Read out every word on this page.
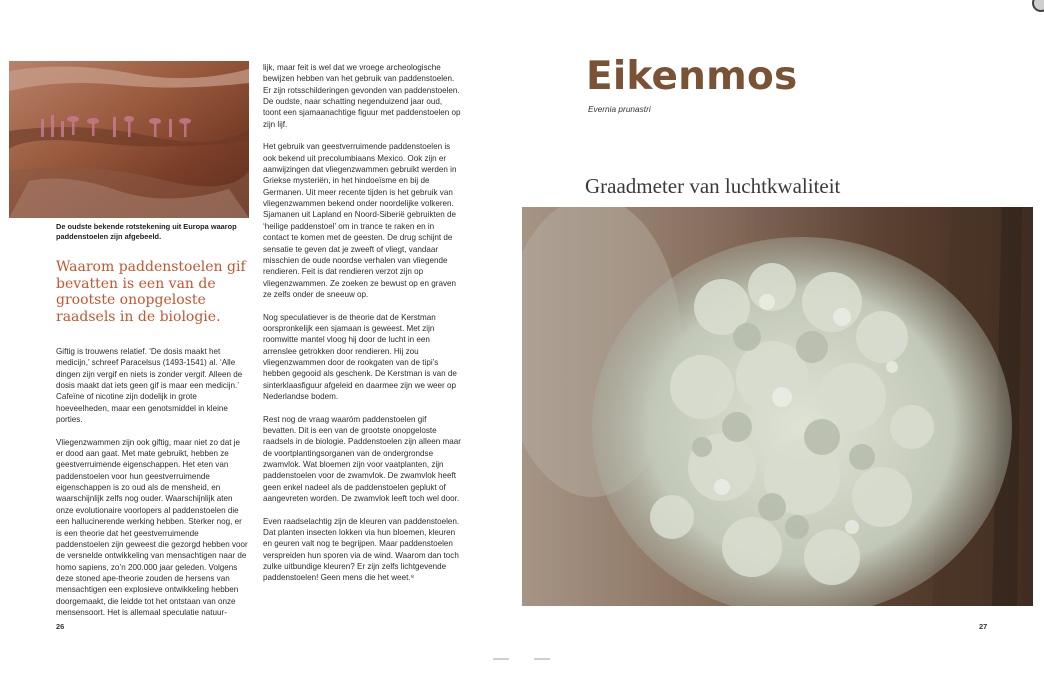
De oudste bekende rotstekening uit Europa waarop paddenstoelen zijn afgebeeld.
Waarom paddenstoelen gif bevatten is een van de grootste onopgeloste raadsels in de biologie.

Giftig is trouwens relatief. ‘De dosis maakt het medicijn,’ schreef Paracelsus (1493-1541) al. ‘Alle dingen zijn vergif en niets is zonder vergif. Alleen de dosis maakt dat iets geen gif is maar een medicijn.’ Cafeïne of nicotine zijn dodelijk in grote hoeveelheden, maar een genotsmiddel in kleine porties.

Vliegenzwammen zijn ook giftig, maar niet zo dat je er dood aan gaat. Met mate gebruikt, hebben ze geestverruimende eigenschappen. Het eten van paddenstoelen voor hun geestverruimende eigenschappen is zo oud als de mensheid, en waarschijnlijk zelfs nog ouder. Waarschijnlijk aten onze evolutionaire voorlopers al paddenstoelen die een hallucinerende werking hebben. Sterker nog, er is een theorie dat het geestverruimende paddenstoelen zijn geweest die gezorgd hebben voor de versnelde ontwikkeling van mensachtigen naar de homo sapiens, zo’n 200.000 jaar geleden. Volgens deze stoned ape-theorie zouden de hersens van mensachtigen een explosieve ontwikkeling hebben doorgemaakt, die leidde tot het ontstaan van onze mensensoort. Het is allemaal speculatie natuur-

lijk, maar feit is wel dat we vroege archeologische bewijzen hebben van het gebruik van paddenstoelen. Er zijn rotsschilderingen gevonden van paddenstoelen. De oudste, naar schatting negenduizend jaar oud, toont een sjamaanachtige figuur met paddenstoelen op zijn lijf.

Het gebruik van geestverruimende paddenstoelen is ook bekend uit precolumbiaans Mexico. Ook zijn er aanwijzingen dat vliegenzwammen gebruikt werden in Griekse mysteriën, in het hindoeïsme en bij de Germanen. Uit meer recente tijden is het gebruik van vliegenzwammen bekend onder noordelijke volkeren. Sjamanen uit Lapland en Noord-Siberië gebruikten de ‘heilige paddenstoel’ om in trance te raken en in contact te komen met de geesten. De drug schijnt de sensatie te geven dat je zweeft of vliegt, vandaar misschien de oude noordse verhalen van vliegende rendieren. Feit is dat rendieren verzot zijn op vliegenzwammen. Ze zoeken ze bewust op en graven ze zelfs onder de sneeuw op.

Nog speculatiever is de theorie dat de Kerstman oorspronkelijk een sjamaan is geweest. Met zijn roomwitte mantel vloog hij door de lucht in een arrenslee getrokken door rendieren. Hij zou vliegenzwammen door de rookgaten van de tipi’s hebben gegooid als geschenk. De Kerstman is van de sinterklaasfiguur afgeleid en daarmee zijn we weer op Nederlandse bodem.

Rest nog de vraag waaróm paddenstoelen gif bevatten. Dit is een van de grootste onopgeloste raadsels in de biologie. Paddenstoelen zijn alleen maar de voortplantingsorganen van de ondergrondse zwamvlok. Wat bloemen zijn voor vaatplanten, zijn paddenstoelen voor de zwamvlok. De zwamvlok heeft geen enkel nadeel als de paddenstoelen geplukt of aangevreten worden. De zwamvlok leeft toch wel door.

Even raadselachtig zijn de kleuren van paddenstoelen. Dat planten insecten lokken via hun bloemen, kleuren en geuren valt nog te begrijpen. Maar paddenstoelen verspreiden hun sporen via de wind. Waarom dan toch zulke uitbundige kleuren? Er zijn zelfs lichtgevende paddenstoelen! Geen mens die het weet.⁸

26
Eikenmos
Evernia prunastri
Graadmeter van luchtkwaliteit
27
